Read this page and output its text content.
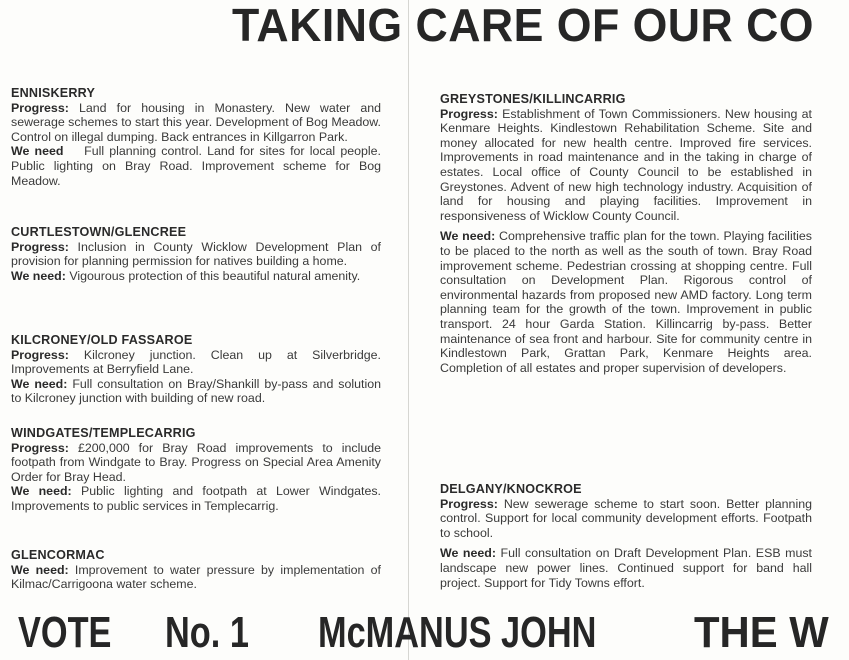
TAKING CARE OF OUR CO
ENNISKERRY

Progress: Land for housing in Monastery. New water and sewerage schemes to start this year. Development of Bog Meadow. Control on illegal dumping. Back entrances in Killgarron Park.

We need Full planning control. Land for sites for local people. Public lighting on Bray Road. Improvement scheme for Bog Meadow.

CURTLESTOWN/GLENCREE

Progress: Inclusion in County Wicklow Development Plan of provision for planning permission for natives building a home.

We need: Vigourous protection of this beautiful natural amenity.

KILCRONEY/OLD FASSAROE

Progress: Kilcroney junction. Clean up at Silverbridge. Improvements at Berryfield Lane.

We need: Full consultation on Bray/Shankill by-pass and solution to Kilcroney junction with building of new road.

WINDGATES/TEMPLECARRIG

Progress: £200,000 for Bray Road improvements to include footpath from Windgate to Bray. Progress on Special Area Amenity Order for Bray Head.

We need: Public lighting and footpath at Lower Windgates. Improvements to public services in Templecarrig.

GLENCORMAC

We need: Improvement to water pressure by implementation of Kilmac/Carrigoona water scheme.

GREYSTONES/KILLINCARRIG

Progress: Establishment of Town Commissioners. New housing at Kenmare Heights. Kindlestown Rehabilitation Scheme. Site and money allocated for new health centre. Improved fire services. Improvements in road maintenance and in the taking in charge of estates. Local office of County Council to be established in Greystones. Advent of new high technology industry. Acquisition of land for housing and playing facilities. Improvement in responsiveness of Wicklow County Council.

We need: Comprehensive traffic plan for the town. Playing facilities to be placed to the north as well as the south of town. Bray Road improvement scheme. Pedestrian crossing at shopping centre. Full consultation on Development Plan. Rigorous control of environmental hazards from proposed new AMD factory. Long term planning team for the growth of the town. Improvement in public transport. 24 hour Garda Station. Killincarrig by-pass. Better maintenance of sea front and harbour. Site for community centre in Kindlestown Park, Grattan Park, Kenmare Heights area. Completion of all estates and proper supervision of developers.

DELGANY/KNOCKROE

Progress: New sewerage scheme to start soon. Better planning control. Support for local community development efforts. Footpath to school.

We need: Full consultation on Draft Development Plan. ESB must landscape new power lines. Continued support for band hall project. Support for Tidy Towns effort.

VOTE	No. 1	McMANUS JOHN	THE W
